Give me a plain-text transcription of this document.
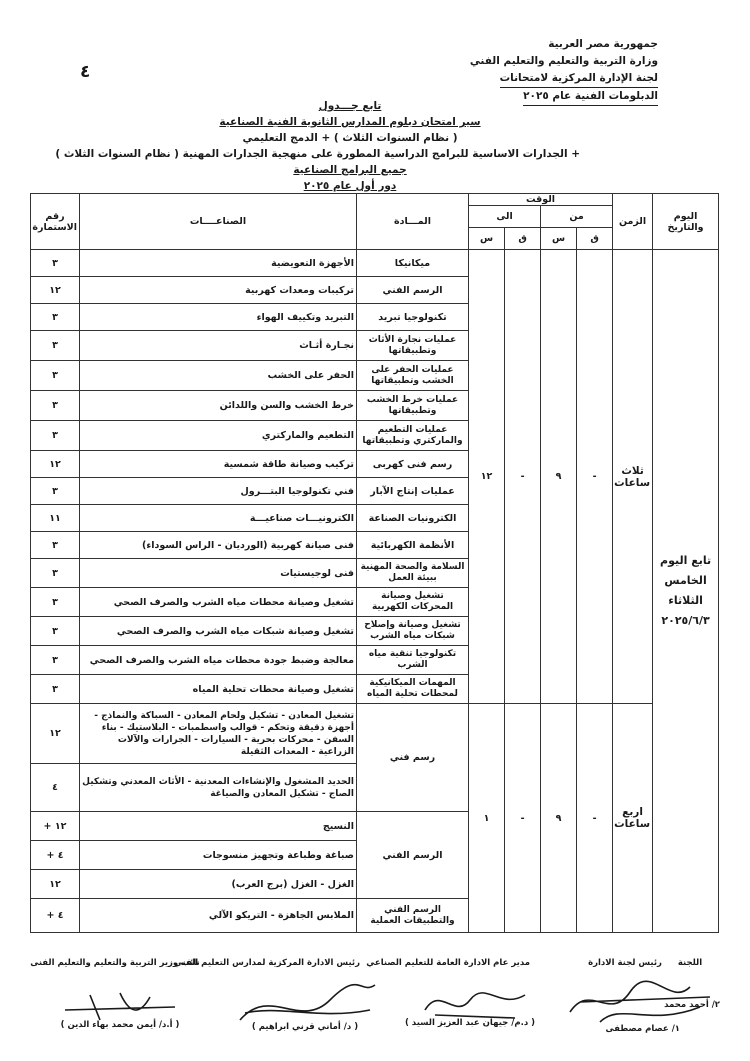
جمهورية مصر العربية
وزارة التربية والتعليم والتعليم الفني
لجنة الإدارة المركزية لامتحانات
الدبلومات الفنية عام ٢٠٢٥
٤
تابع جـــدول
سير امتحان دبلوم المدارس الثانوية الفنية الصناعية
( نظام السنوات الثلاث ) + الدمج التعليمي
+ الجدارات الاساسية للبرامج الدراسية المطورة على منهجية الجدارات المهنية ( نظام السنوات الثلاث )
جميع البرامج الصناعية
دور أول عام ٢٠٢٥
اليوم والتاريخ	الزمن	الوقت				المـــادة	الصناعــــات	رقم الاستمارة
		من		الى				
		ق	س	ق	س			
تابع اليوم الخامس الثلاثاء ٢٠٢٥/٦/٣	ثلاث ساعات	-	٩	-	١٢	ميكانيكا	الأجهزة التعويضية	٣
						الرسم الفني	تركيبات ومعدات كهربية	١٢
						تكنولوجيا تبريد	التبريد وتكييف الهواء	٣
						عمليات نجارة الأثاث وتطبيقاتها	نجـارة أثـاث	٣
						عمليات الحفر على الخشب وتطبيقاتها	الحفر على الخشب	٣
						عمليات خرط الخشب وتطبيقاتها	خرط الخشب والسن واللدائن	٣
						عمليات التطعيم والماركتري وتطبيقاتها	التطعيم والماركتري	٣
						رسم فنى كهربى	تركيب وصيانة طاقة شمسية	١٢
						عمليات إنتاج الآبار	فني تكنولوجيا البتـــرول	٣
						الكترونيات الصناعة	الكترونيـــات صناعيـــة	١١
						الأنظمة الكهربائية	فنى صيانة كهربية (الورديان - الراس السوداء)	٣
						السلامة والصحة المهنية ببيئة العمل	فنى لوجيستيات	٣
						تشغيل وصيانة المحركات الكهربية	تشغيل وصيانة محطات مياه الشرب والصرف الصحي	٣
						تشغيل وصيانة وإصلاح شبكات مياه الشرب	تشغيل وصيانة شبكات مياه الشرب والصرف الصحي	٣
						تكنولوجيا تنقية مياه الشرب	معالجة وضبط جودة محطات مياه الشرب والصرف الصحي	٣
						المهمات الميكانيكية لمحطات تحلية المياه	تشغيل وصيانة محطات تحلية المياه	٣
	اربع ساعات	-	٩	-	١	رسم فني	تشغيل المعادن - تشكيل ولحام المعادن - السباكة والنماذج - أجهزة دقيقة وتحكم - قوالب واسطمبات - البلاستيك - بناء السفن - محركات بحرية - السيارات - الجرارات والآلات الزراعية - المعدات الثقيلة	١٢
							الحديد المشغول والإنشاءات المعدنية - الأثاث المعدني وتشكيل الصاج - تشكيل المعادن والصياغة	٤
						الرسم الفني	النسيج	١٢ +
							صباغة وطباعة وتجهيز منسوجات	٤ +
							الغزل - الغزل (برج العرب)	١٢
						الرسم الفني والتطبيقات العملية	الملابس الجاهزة - التريكو الآلي	٤ +
اللجنة
رئيس لجنة الادارة
مدير عام الادارة العامة للتعليم الصناعي
رئيس الادارة المركزية لمدارس التعليم الفني
نائب وزير التربية والتعليم والتعليم الفنى
٢/ أحمد محمد
١/ عصام مصطفى
( د.م/ جيهان عبد العزيز السيد )
( د/ أماني قرني ابراهيم )
( أ.د/ أيمن محمد بهاء الدين )
